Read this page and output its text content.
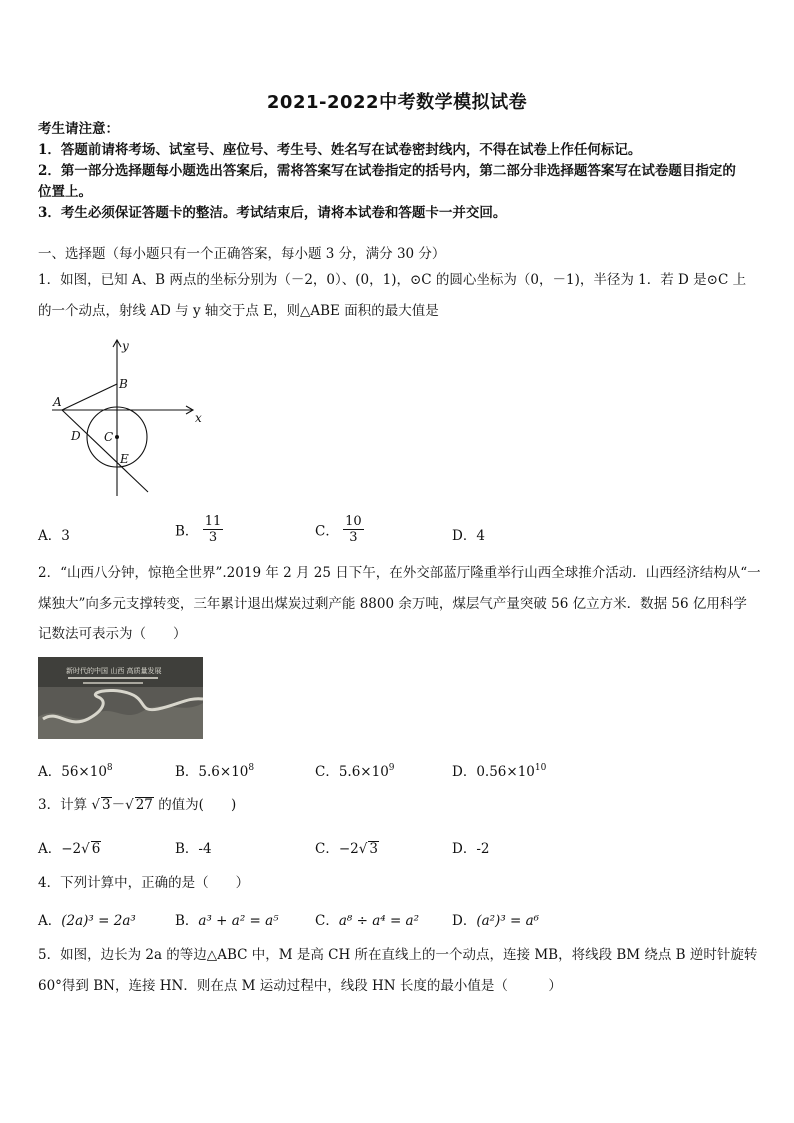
2021-2022中考数学模拟试卷
考生请注意：
1．答题前请将考场、试室号、座位号、考生号、姓名写在试卷密封线内，不得在试卷上作任何标记。
2．第一部分选择题每小题选出答案后，需将答案写在试卷指定的括号内，第二部分非选择题答案写在试卷题目指定的
位置上。
3．考生必须保证答题卡的整洁。考试结束后，请将本试卷和答题卡一并交回。
一、选择题（每小题只有一个正确答案，每小题 3 分，满分 30 分）
1．如图，已知 A、B 两点的坐标分别为（－2，0）、(0，1)，⊙C 的圆心坐标为（0，－1)，半径为 1．若 D 是⊙C 上
的一个动点，射线 AD 与 y 轴交于点 E，则△ABE 面积的最大值是
y
x
A
B
C
D
E
A．3	B． $\frac{11}{3}$	C． $\frac{10}{3}$	D．4
2．“山西八分钟，惊艳全世界”.2019 年 2 月 25 日下午，在外交部蓝厅隆重举行山西全球推介活动．山西经济结构从“一
煤独大”向多元支撑转变，三年累计退出煤炭过剩产能 8800 余万吨，煤层气产量突破 56 亿立方米．数据 56 亿用科学
记数法可表示为（　　）
新时代的中国 山西 高质量发展
A．$56\times 10^8$	B．$5.6\times 10^8$	C．$5.6\times 10^9$	D．$0.56\times 10^{10}$
3．计算 √ 3－√ 27 的值为(　　)
A．−2√ 6	B．-4	C．−2√ 3	D．-2
4．下列计算中，正确的是（　　）
A．(2a)³ = 2a³	B．a³ + a² = a⁵	C．a⁸ ÷ a⁴ = a² D．(a²)³ = a⁶
5．如图，边长为 2a 的等边△ABC 中，M 是高 CH 所在直线上的一个动点，连接 MB，将线段 BM 绕点 B 逆时针旋转
60°得到 BN，连接 HN．则在点 M 运动过程中，线段 HN 长度的最小值是（　　　）
